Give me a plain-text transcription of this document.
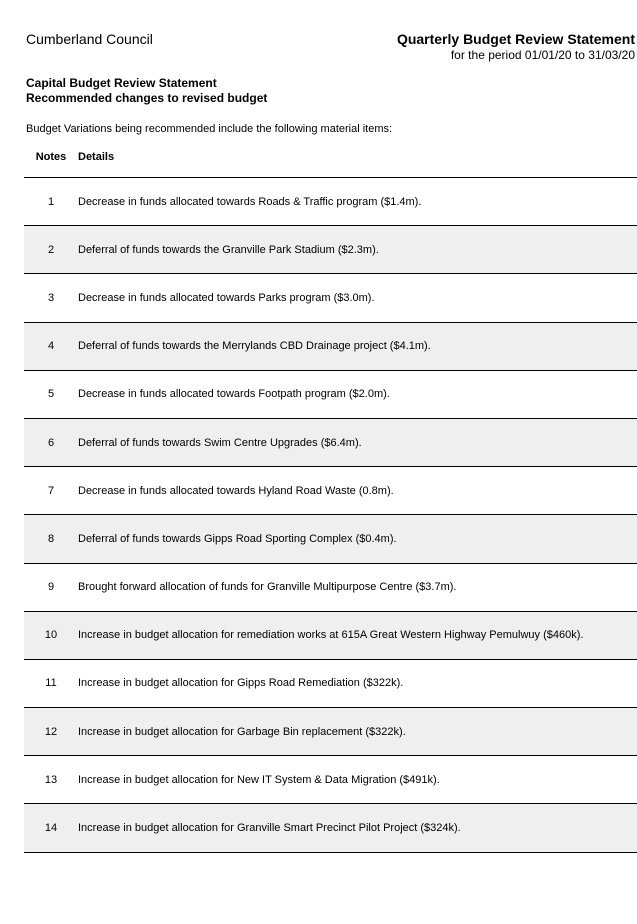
Cumberland Council	Quarterly Budget Review Statement
for the period 01/01/20 to 31/03/20
Capital Budget Review Statement
Recommended changes to revised budget
Budget Variations being recommended include the following material items:
Notes	Details
1	Decrease in funds allocated towards Roads & Traffic program ($1.4m).
2	Deferral of funds towards the Granville Park Stadium ($2.3m).
3	Decrease in funds allocated towards Parks program ($3.0m).
4	Deferral of funds towards the Merrylands CBD Drainage project ($4.1m).
5	Decrease in funds allocated towards Footpath program ($2.0m).
6	Deferral of funds towards Swim Centre Upgrades ($6.4m).
7	Decrease in funds allocated towards Hyland Road Waste (0.8m).
8	Deferral of funds towards Gipps Road Sporting Complex ($0.4m).
9	Brought forward allocation of funds for Granville Multipurpose Centre ($3.7m).
10	Increase in budget allocation for remediation works at 615A Great Western Highway Pemulwuy ($460k).
11	Increase in budget allocation for Gipps Road Remediation ($322k).
12	Increase in budget allocation for Garbage Bin replacement ($322k).
13	Increase in budget allocation for New IT System & Data Migration ($491k).
14	Increase in budget allocation for Granville Smart Precinct Pilot Project ($324k).
